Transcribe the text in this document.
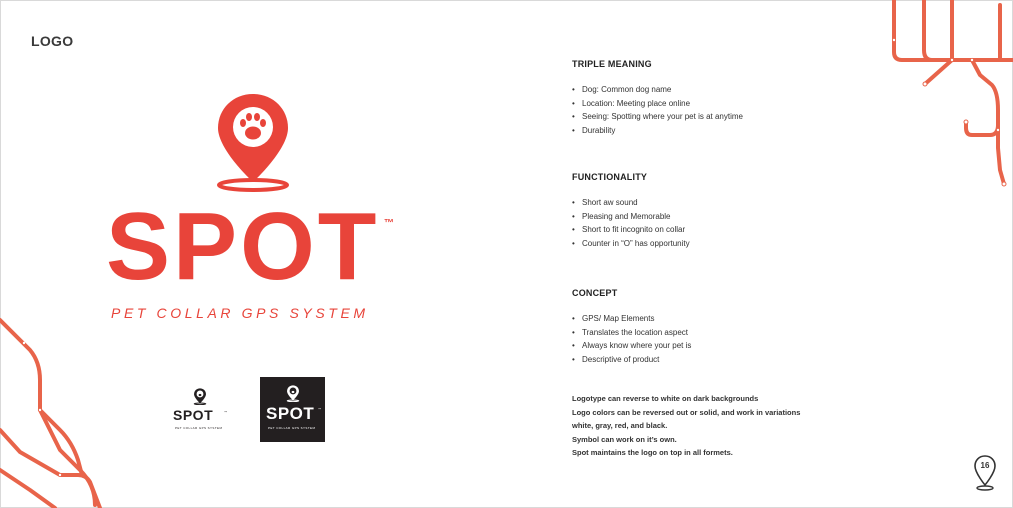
LOGO
SPOT ™
PET COLLAR GPS SYSTEM
SPOT	™
PET COLLAR GPS SYSTEM
SPOT ™
PET COLLAR GPS SYSTEM

TRIPLE MEANING

• Dog: Common dog name
• Location: Meeting place online
• Seeing: Spotting where your pet is at anytime
• Durability

FUNCTIONALITY

• Short aw sound
• Pleasing and Memorable
• Short to fit incognito on collar
• Counter in “O” has opportunity

CONCEPT

• GPS/ Map Elements
• Translates the location aspect
• Always know where your pet is
• Descriptive of product

Logotype can reverse to white on dark backgrounds

Logo colors can be reversed out or solid, and work in variations

white, gray, red, and black.

Symbol can work on it’s own.

Spot maintains the logo on top in all formets.

16
